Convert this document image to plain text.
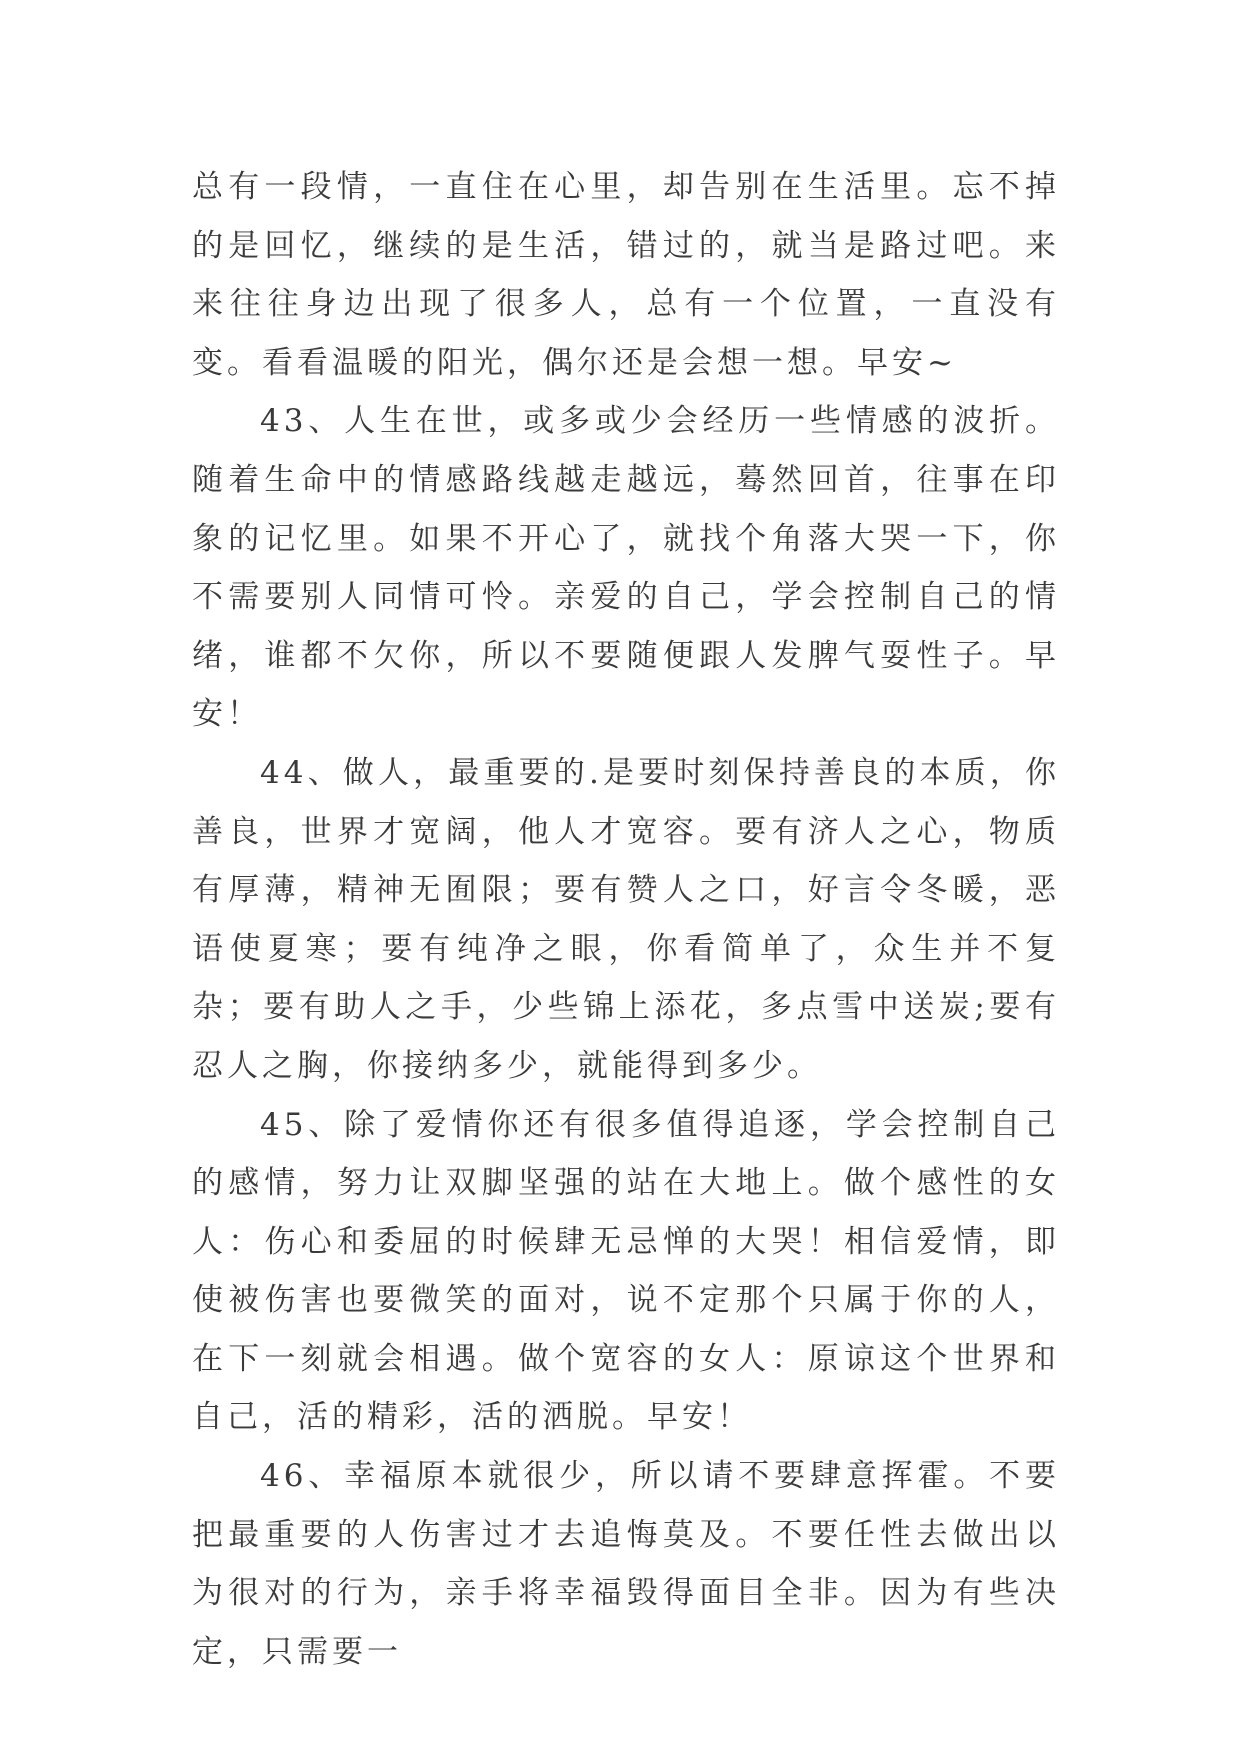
总有一段情，一直住在心里，却告别在生活里。忘不掉的是回忆，继续的是生活，错过的，就当是路过吧。来来往往身边出现了很多人，总有一个位置，一直没有变。看看温暖的阳光，偶尔还是会想一想。早安~

43、人生在世，或多或少会经历一些情感的波折。随着生命中的情感路线越走越远，蓦然回首，往事在印象的记忆里。如果不开心了，就找个角落大哭一下，你不需要别人同情可怜。亲爱的自己，学会控制自己的情绪，谁都不欠你，所以不要随便跟人发脾气耍性子。早安！

44、做人，最重要的.是要时刻保持善良的本质，你善良，世界才宽阔，他人才宽容。要有济人之心，物质有厚薄，精神无囿限；要有赞人之口，好言令冬暖，恶语使夏寒；要有纯净之眼，你看简单了，众生并不复杂；要有助人之手，少些锦上添花，多点雪中送炭;要有忍人之胸，你接纳多少，就能得到多少。

45、除了爱情你还有很多值得追逐，学会控制自己的感情，努力让双脚坚强的站在大地上。做个感性的女人：伤心和委屈的时候肆无忌惮的大哭！相信爱情，即使被伤害也要微笑的面对，说不定那个只属于你的人，在下一刻就会相遇。做个宽容的女人：原谅这个世界和自己，活的精彩，活的洒脱。早安！

46、幸福原本就很少，所以请不要肆意挥霍。不要把最重要的人伤害过才去追悔莫及。不要任性去做出以为很对的行为，亲手将幸福毁得面目全非。因为有些决定，只需要一
